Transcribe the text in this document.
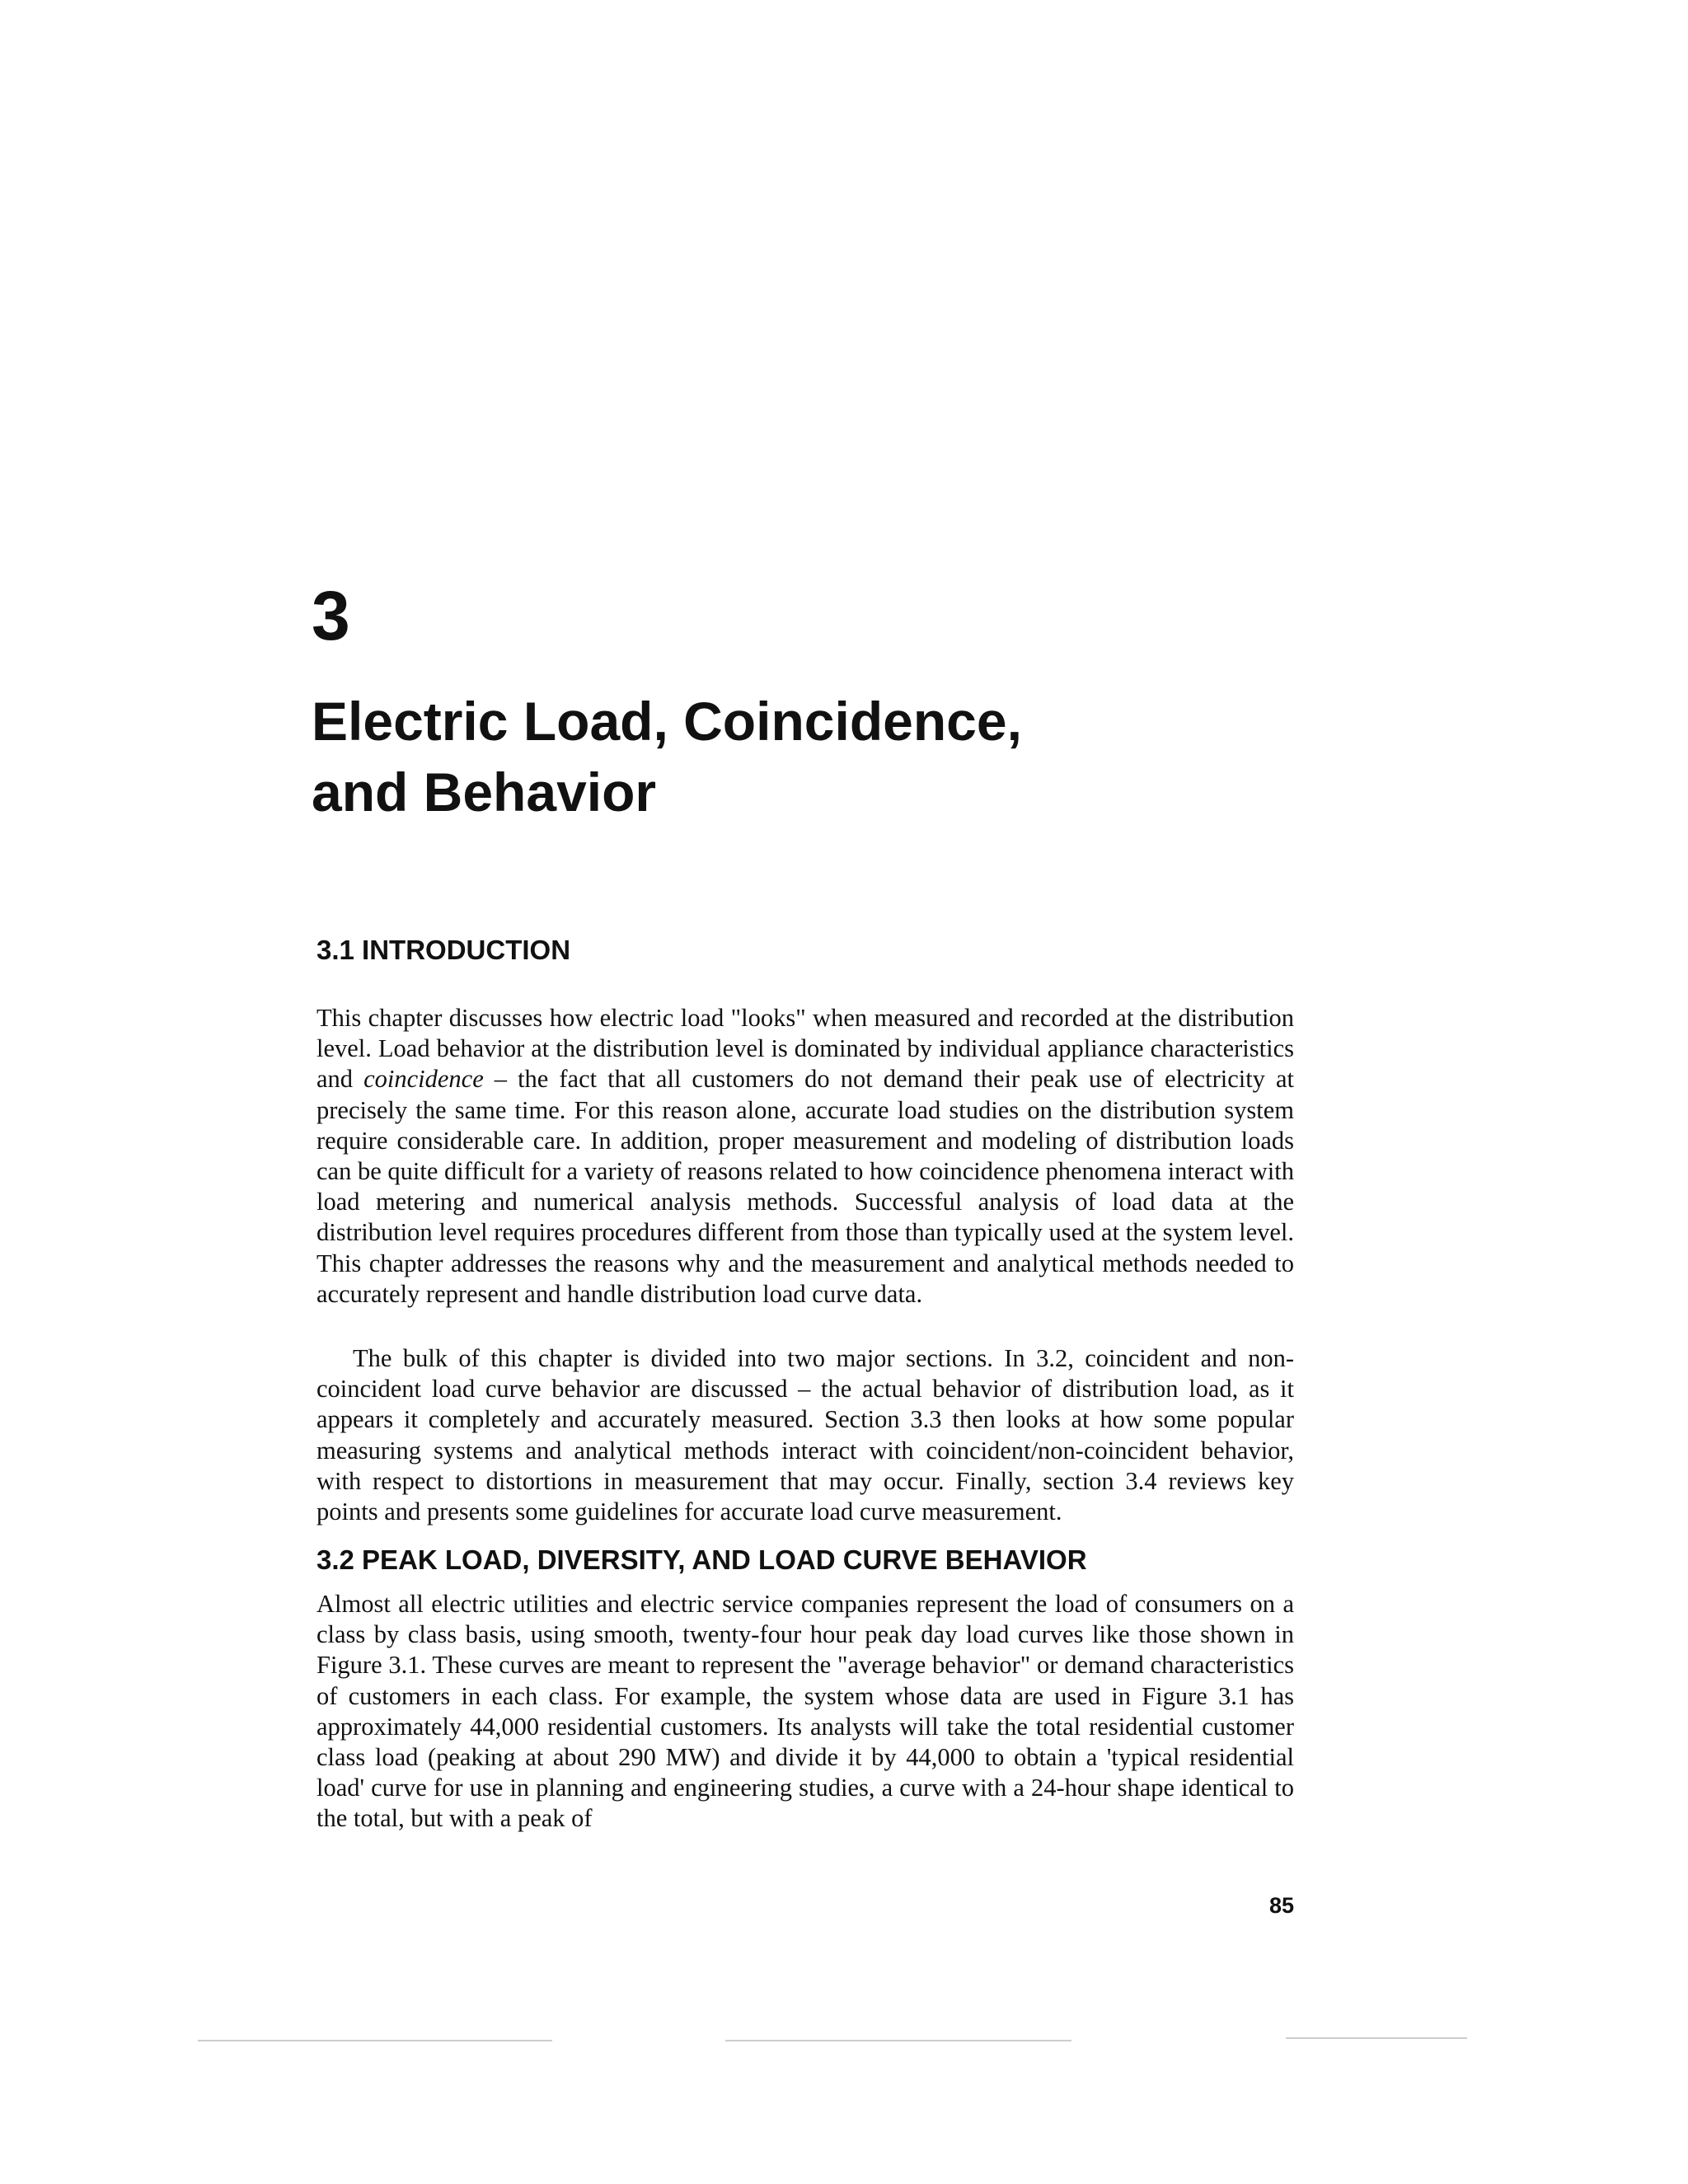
3
Electric Load, Coincidence,
and Behavior
3.1 INTRODUCTION

This chapter discusses how electric load "looks" when measured and recorded at the distribution level. Load behavior at the distribution level is dominated by individual appliance characteristics and coincidence – the fact that all customers do not demand their peak use of electricity at precisely the same time. For this reason alone, accurate load studies on the distribution system require considerable care. In addition, proper measurement and modeling of distribution loads can be quite difficult for a variety of reasons related to how coincidence phenomena interact with load metering and numerical analysis methods. Successful analysis of load data at the distribution level requires procedures different from those than typically used at the system level. This chapter addresses the reasons why and the measurement and analytical methods needed to accurately represent and handle distribution load curve data.

The bulk of this chapter is divided into two major sections. In 3.2, coincident and non-coincident load curve behavior are discussed – the actual behavior of distribution load, as it appears it completely and accurately measured. Section 3.3 then looks at how some popular measuring systems and analytical methods interact with coincident/non-coincident behavior, with respect to distortions in measurement that may occur. Finally, section 3.4 reviews key points and presents some guidelines for accurate load curve measurement.

3.2 PEAK LOAD, DIVERSITY, AND LOAD CURVE BEHAVIOR

Almost all electric utilities and electric service companies represent the load of consumers on a class by class basis, using smooth, twenty-four hour peak day load curves like those shown in Figure 3.1. These curves are meant to represent the "average behavior" or demand characteristics of customers in each class. For example, the system whose data are used in Figure 3.1 has approximately 44,000 residential customers. Its analysts will take the total residential customer class load (peaking at about 290 MW) and divide it by 44,000 to obtain a 'typical residential load' curve for use in planning and engineering studies, a curve with a 24-hour shape identical to the total, but with a peak of

85
